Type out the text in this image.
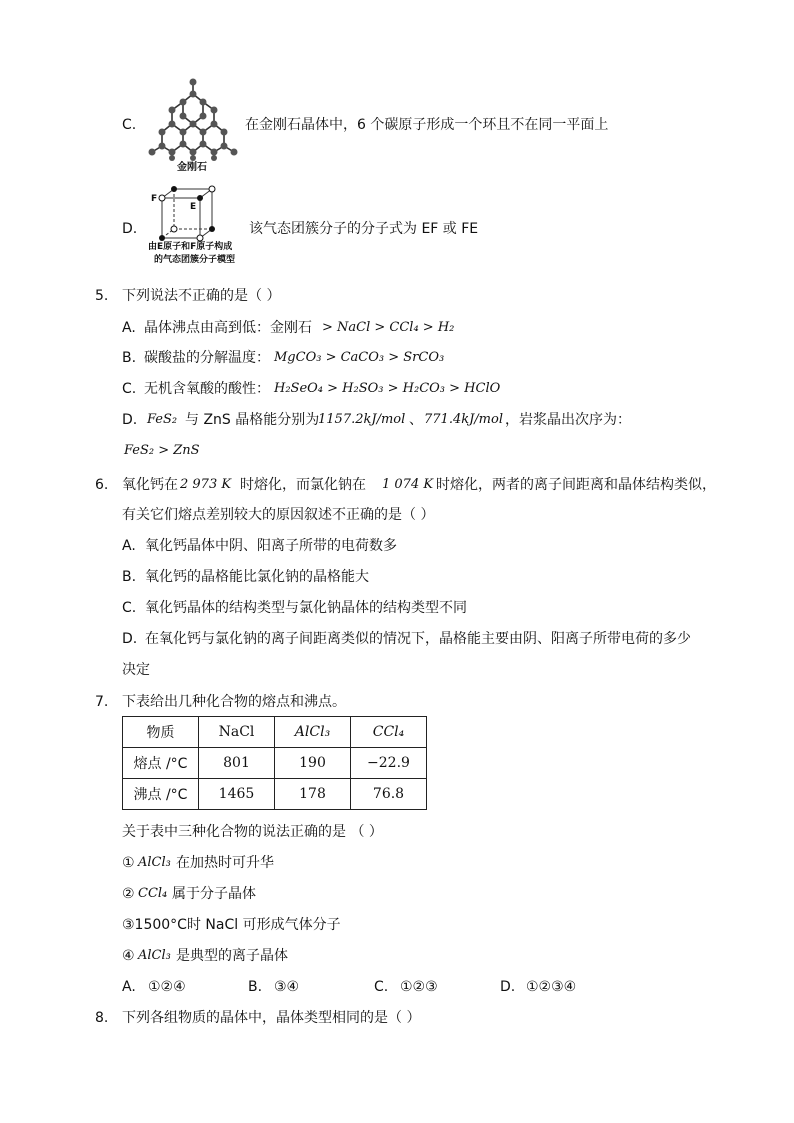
C.
金刚石
在金刚石晶体中，6 个碳原子形成一个环且不在同一平面上
D.
F
E
由E原子和F原子构成
的气态团簇分子模型
该气态团簇分子的分子式为 EF 或 FE
5. 下列说法不正确的是（ ）
A. 晶体沸点由高到低：金刚石 > NaCl > CCl₄ > H₂
B. 碳酸盐的分解温度： MgCO₃ > CaCO₃ > SrCO₃
C. 无机含氧酸的酸性： H₂SeO₄ > H₂SO₃ > H₂CO₃ > HClO
D. FeS₂ 与 ZnS 晶格能分别为
1157.2kJ/mol 、 771.4kJ/mol ，岩浆晶出次序为：
FeS₂ > ZnS
6. 氧化钙在 2 973 K 时熔化，而氯化钠在 1 074 K 时熔化，两者的离子间距离和晶体结构类似，
有关它们熔点差别较大的原因叙述不正确的是（ ）
A. 氧化钙晶体中阴、阳离子所带的电荷数多
B. 氧化钙的晶格能比氯化钠的晶格能大
C. 氧化钙晶体的结构类型与氯化钠晶体的结构类型不同
D. 在氧化钙与氯化钠的离子间距离类似的情况下，晶格能主要由阴、阳离子所带电荷的多少
决定
7. 下表给出几种化合物的熔点和沸点。
物质	NaCl	AlCl₃	CCl₄
熔点 /°C	801	190	−22.9
沸点 /°C	1465	178	76.8
关于表中三种化合物的说法正确的是 （ ）
① AlCl₃ 在加热时可升华
② CCl₄ 属于分子晶体
③1500°C时 NaCl 可形成气体分子
④ AlCl₃ 是典型的离子晶体
A. ①②④	B. ③④	C. ①②③	D. ①②③④
8. 下列各组物质的晶体中，晶体类型相同的是（ ）
